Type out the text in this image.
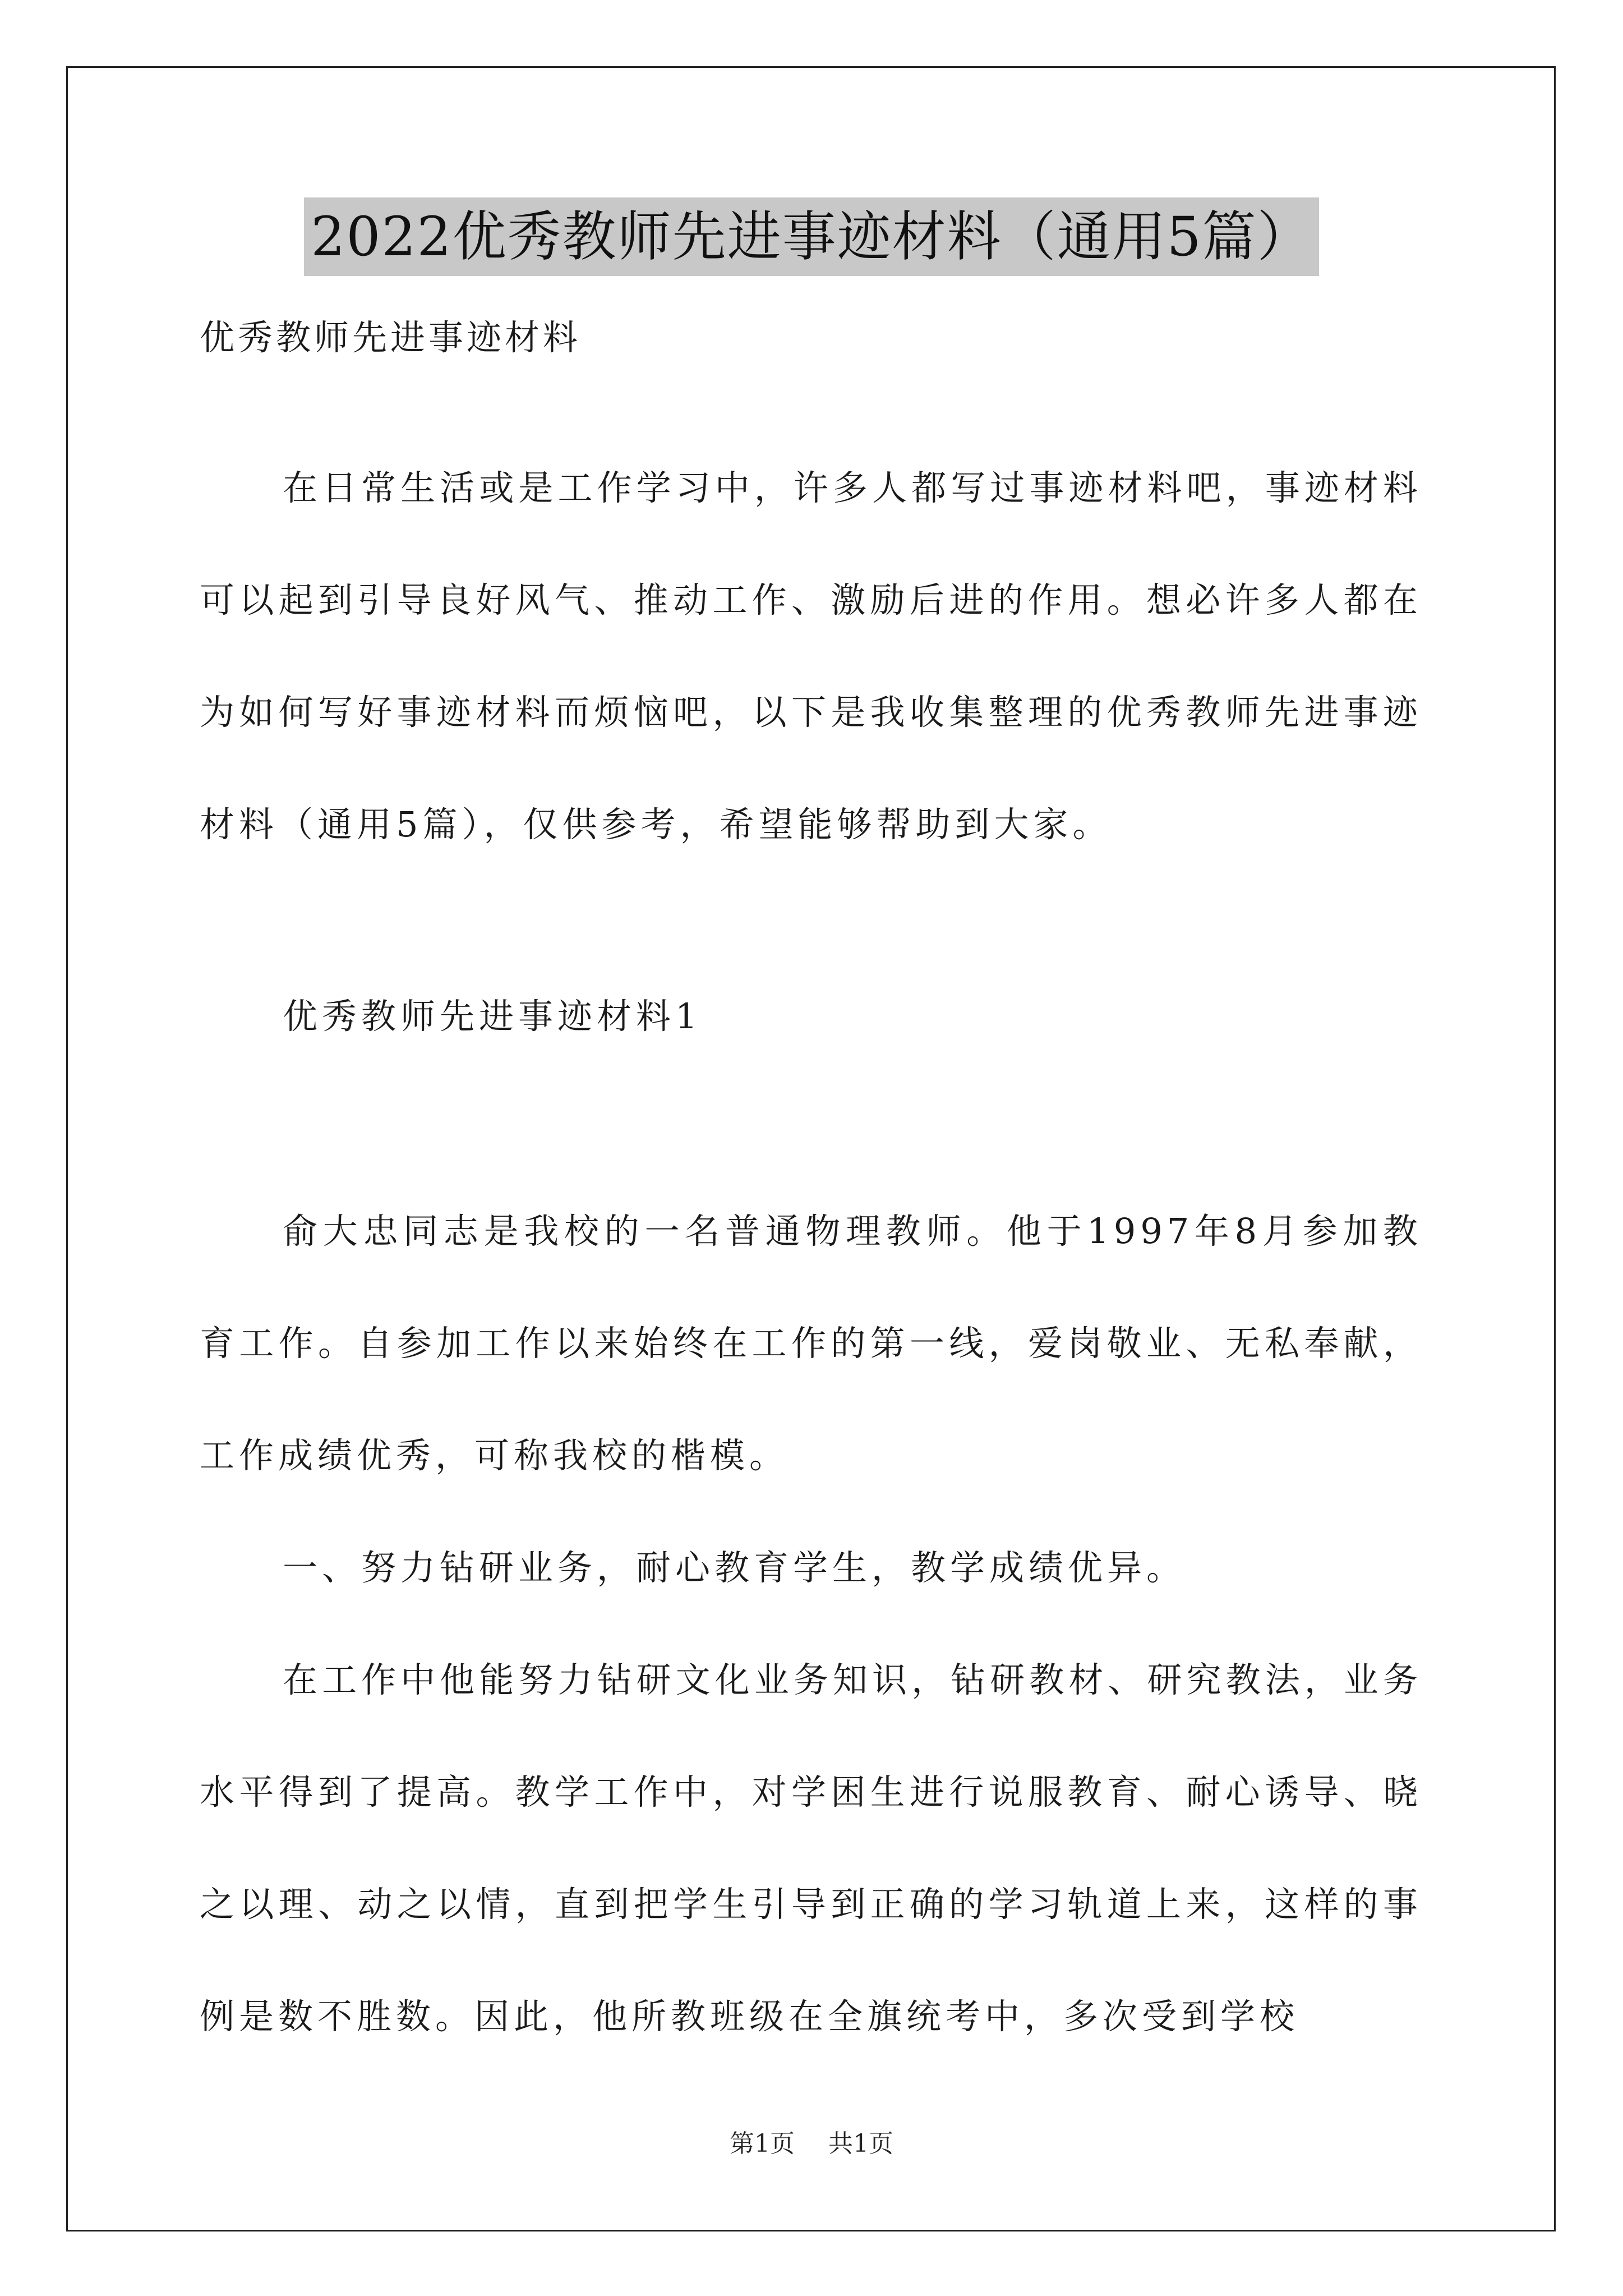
2022优秀教师先进事迹材料（通用5篇）
优秀教师先进事迹材料

在日常生活或是工作学习中，许多人都写过事迹材料吧，事迹材料可以起到引导良好风气、推动工作、激励后进的作用。想必许多人都在为如何写好事迹材料而烦恼吧，以下是我收集整理的优秀教师先进事迹材料（通用5篇），仅供参考，希望能够帮助到大家。

优秀教师先进事迹材料1

俞大忠同志是我校的一名普通物理教师。他于1997年8月参加教育工作。自参加工作以来始终在工作的第一线，爱岗敬业、无私奉献，工作成绩优秀，可称我校的楷模。

一、努力钻研业务，耐心教育学生，教学成绩优异。

在工作中他能努力钻研文化业务知识，钻研教材、研究教法，业务水平得到了提高。教学工作中，对学困生进行说服教育、耐心诱导、晓之以理、动之以情，直到把学生引导到正确的学习轨道上来，这样的事例是数不胜数。因此，他所教班级在全旗统考中，多次受到学校

第1页 共1页
